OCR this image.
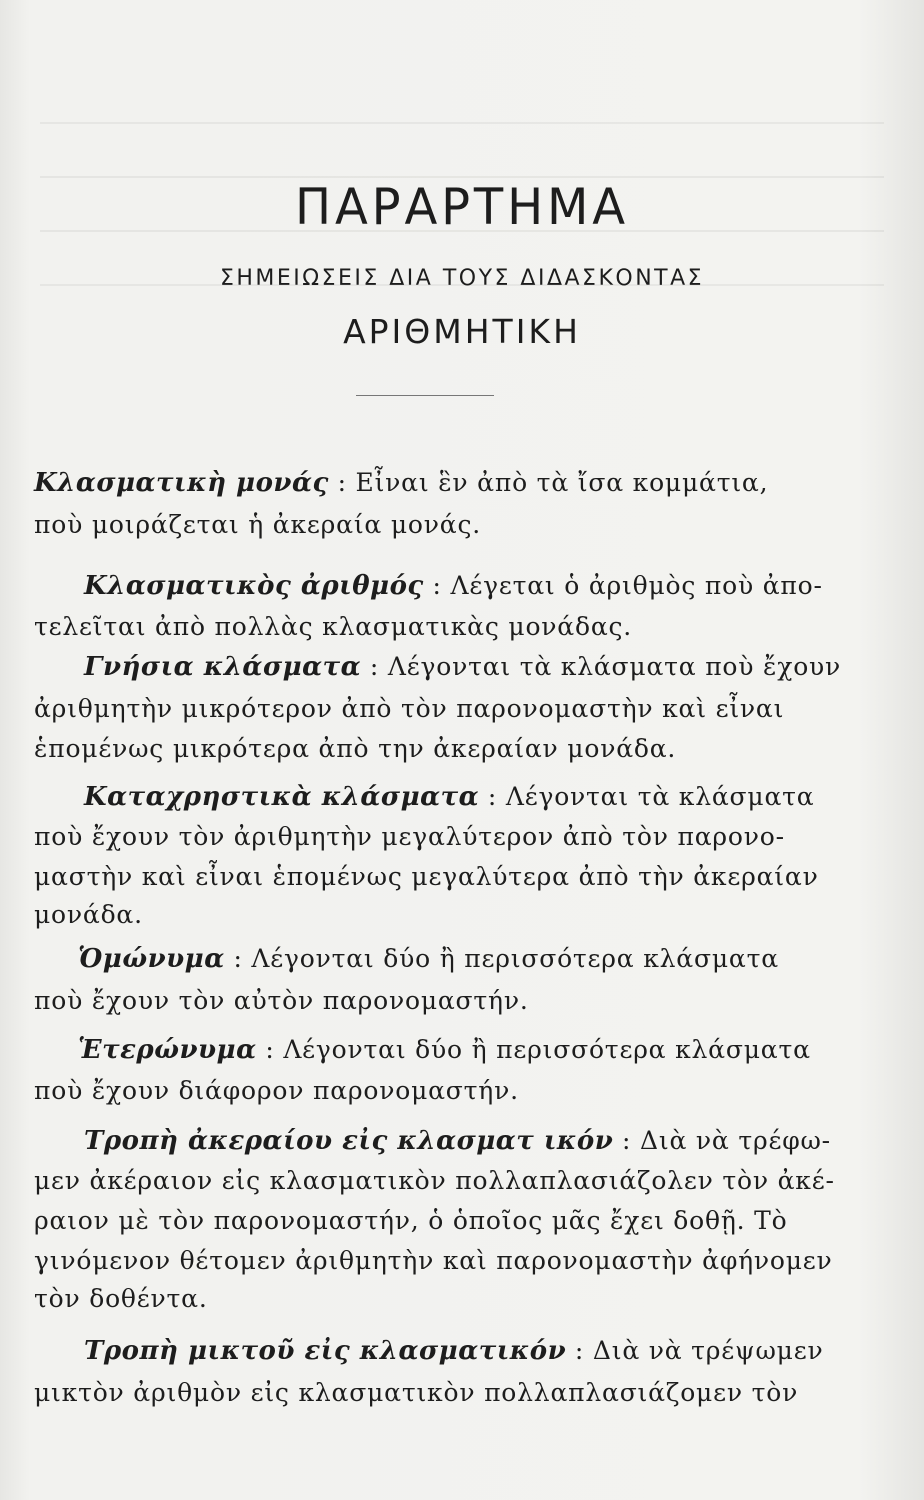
ΠΑΡΑΡΤΗΜΑ
ΣΗΜΕΙΩΣΕΙΣ ΔΙΑ ΤΟΥΣ ΔΙΔΑΣΚΟΝΤΑΣ
ΑΡΙΘΜΗΤΙΚΗ
Κλασματικὴ μονάς : Εἶναι ἓν ἀπὸ τὰ ἴσα κομμάτια,
ποὺ μοιράζεται ἡ ἀκεραία μονάς.
Κλασματικὸς ἀριθμός : Λέγεται ὁ ἀριθμὸς ποὺ ἀπο-
τελεῖται ἀπὸ πολλὰς κλασματικὰς μονάδας.
Γνήσια κλάσματα : Λέγονται τὰ κλάσματα ποὺ ἔχουν
ἀριθμητὴν μικρότερον ἀπὸ τὸν παρονομαστὴν καὶ εἶναι
ἑπομένως μικρότερα ἀπὸ την ἀκεραίαν μονάδα.
Καταχρηστικὰ κλάσματα : Λέγονται τὰ κλάσματα
ποὺ ἔχουν τὸν ἀριθμητὴν μεγαλύτερον ἀπὸ τὸν παρονο-
μαστὴν καὶ εἶναι ἑπομένως μεγαλύτερα ἀπὸ τὴν ἀκεραίαν
μονάδα.
Ὁμώνυμα : Λέγονται δύο ἢ περισσότερα κλάσματα
ποὺ ἔχουν τὸν αὐτὸν παρονομαστήν.
Ἑτερώνυμα : Λέγονται δύο ἢ περισσότερα κλάσματα
ποὺ ἔχουν διάφορον παρονομαστήν.
Τροπὴ ἀκεραίου εἰς κλασματ ικόν : Διὰ νὰ τρέφω-
μεν ἀκέραιον εἰς κλασματικὸν πολλαπλασιάζολεν τὸν ἀκέ-
ραιον μὲ τὸν παρονομαστήν, ὁ ὁποῖος μᾶς ἔχει δοθῇ. Τὸ
γινόμενον θέτομεν ἀριθμητὴν καὶ παρονομαστὴν ἀφήνομεν
τὸν δοθέντα.
Τροπὴ μικτοῦ εἰς κλασματικόν : Διὰ νὰ τρέψωμεν
μικτὸν ἀριθμὸν εἰς κλασματικὸν πολλαπλασιάζομεν τὸν
